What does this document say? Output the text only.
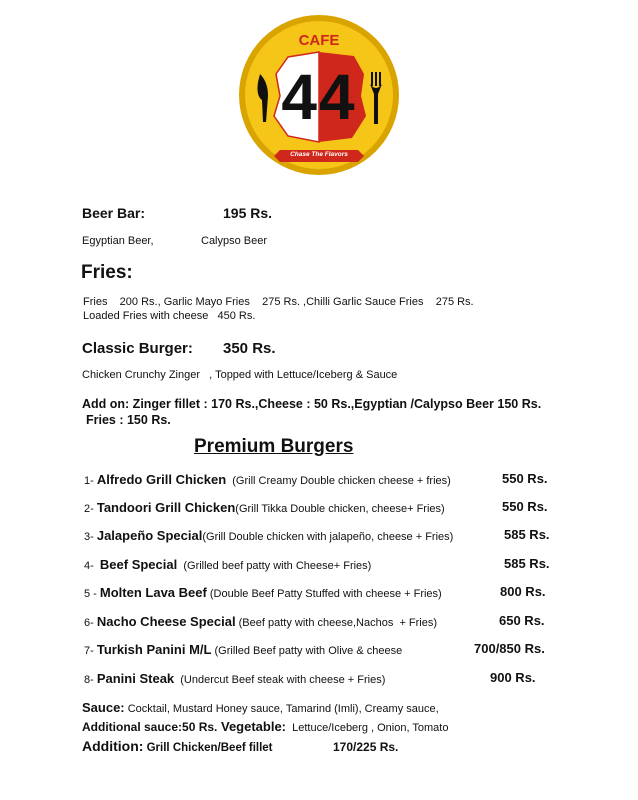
CAFE
44
Chase The Flavors
Beer Bar:	195 Rs.
Egyptian Beer,	Calypso Beer
Fries:
Fries    200 Rs., Garlic Mayo Fries    275 Rs. ,Chilli Garlic Sauce Fries    275 Rs.
Loaded Fries with cheese   450 Rs.
Classic Burger: 350 Rs.
Chicken Crunchy Zinger   , Topped with Lettuce/Iceberg & Sauce
Add on: Zinger fillet : 170 Rs.,Cheese : 50 Rs.,Egyptian /Calypso Beer 150 Rs.
Fries : 150 Rs.
Premium Burgers
1- Alfredo Grill Chicken  (Grill Creamy Double chicken cheese + fries)	550 Rs.
2- Tandoori Grill Chicken(Grill Tikka Double chicken, cheese+ Fries)	550 Rs.
3- Jalapeño Special(Grill Double chicken with jalapeño, cheese + Fries)	585 Rs.
4-  Beef Special  (Grilled beef patty with Cheese+ Fries)	585 Rs.
5 - Molten Lava Beef (Double Beef Patty Stuffed with cheese + Fries)	800 Rs.
6- Nacho Cheese Special (Beef patty with cheese,Nachos  + Fries)	650 Rs.
7- Turkish Panini M/L (Grilled Beef patty with Olive & cheese	700/850 Rs.
8- Panini Steak  (Undercut Beef steak with cheese + Fries)	900 Rs.
Sauce: Cocktail, Mustard Honey sauce, Tamarind (Imli), Creamy sauce,
Additional sauce:50 Rs. Vegetable:  Lettuce/Iceberg , Onion, Tomato
Addition: Grill Chicken/Beef fillet	170/225 Rs.
